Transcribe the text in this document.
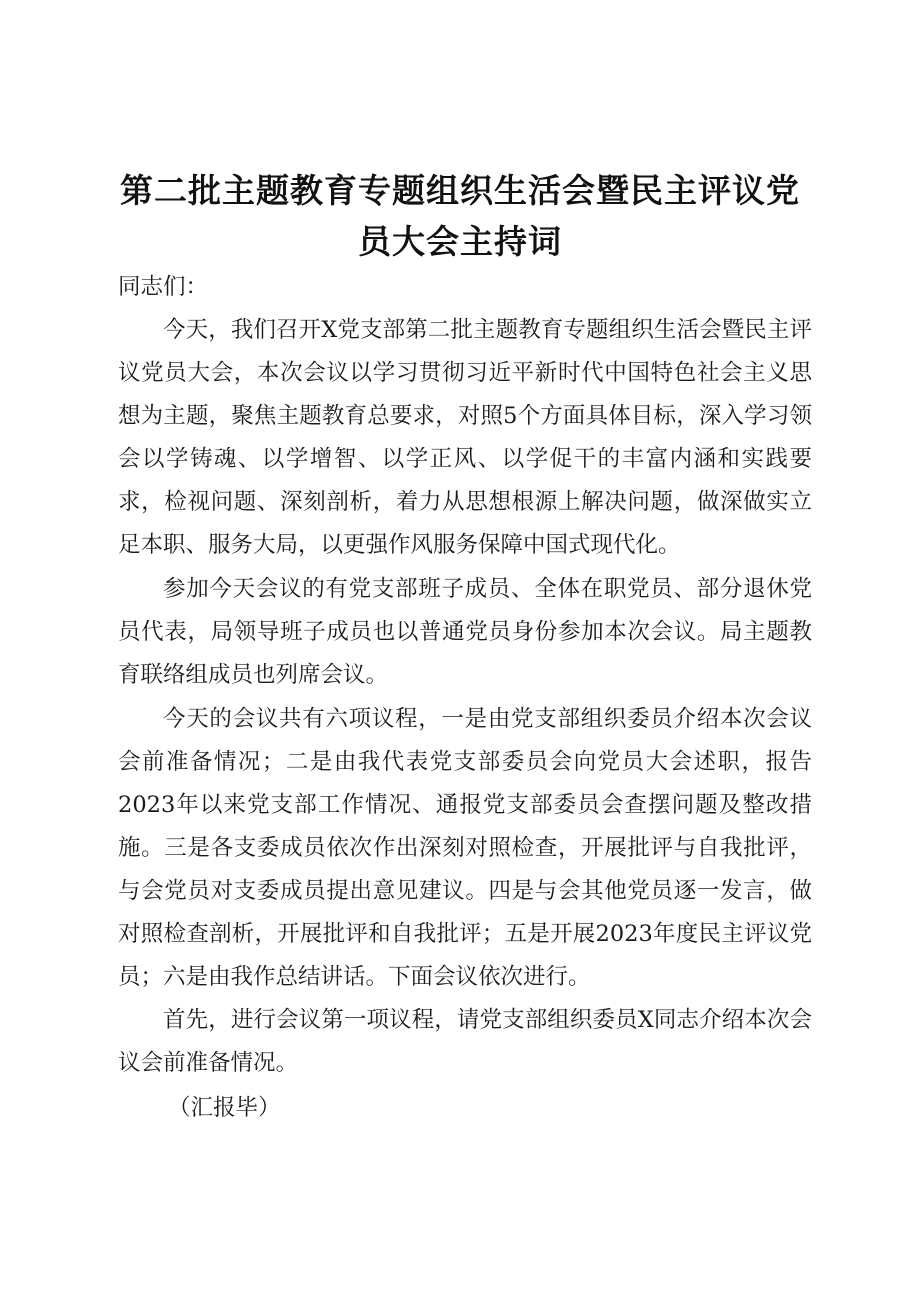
第二批主题教育专题组织生活会暨民主评议党
员大会主持词

同志们：

今天，我们召开X党支部第二批主题教育专题组织生活会暨民主评议党员大会，本次会议以学习贯彻习近平新时代中国特色社会主义思想为主题，聚焦主题教育总要求，对照5个方面具体目标，深入学习领会以学铸魂、以学增智、以学正风、以学促干的丰富内涵和实践要求，检视问题、深刻剖析，着力从思想根源上解决问题，做深做实立足本职、服务大局，以更强作风服务保障中国式现代化。

参加今天会议的有党支部班子成员、全体在职党员、部分退休党员代表，局领导班子成员也以普通党员身份参加本次会议。局主题教育联络组成员也列席会议。

今天的会议共有六项议程，一是由党支部组织委员介绍本次会议会前准备情况；二是由我代表党支部委员会向党员大会述职，报告2023年以来党支部工作情况、通报党支部委员会查摆问题及整改措施。三是各支委成员依次作出深刻对照检查，开展批评与自我批评，与会党员对支委成员提出意见建议。四是与会其他党员逐一发言，做对照检查剖析，开展批评和自我批评；五是开展2023年度民主评议党员；六是由我作总结讲话。下面会议依次进行。

首先，进行会议第一项议程，请党支部组织委员X同志介绍本次会议会前准备情况。

（汇报毕）
